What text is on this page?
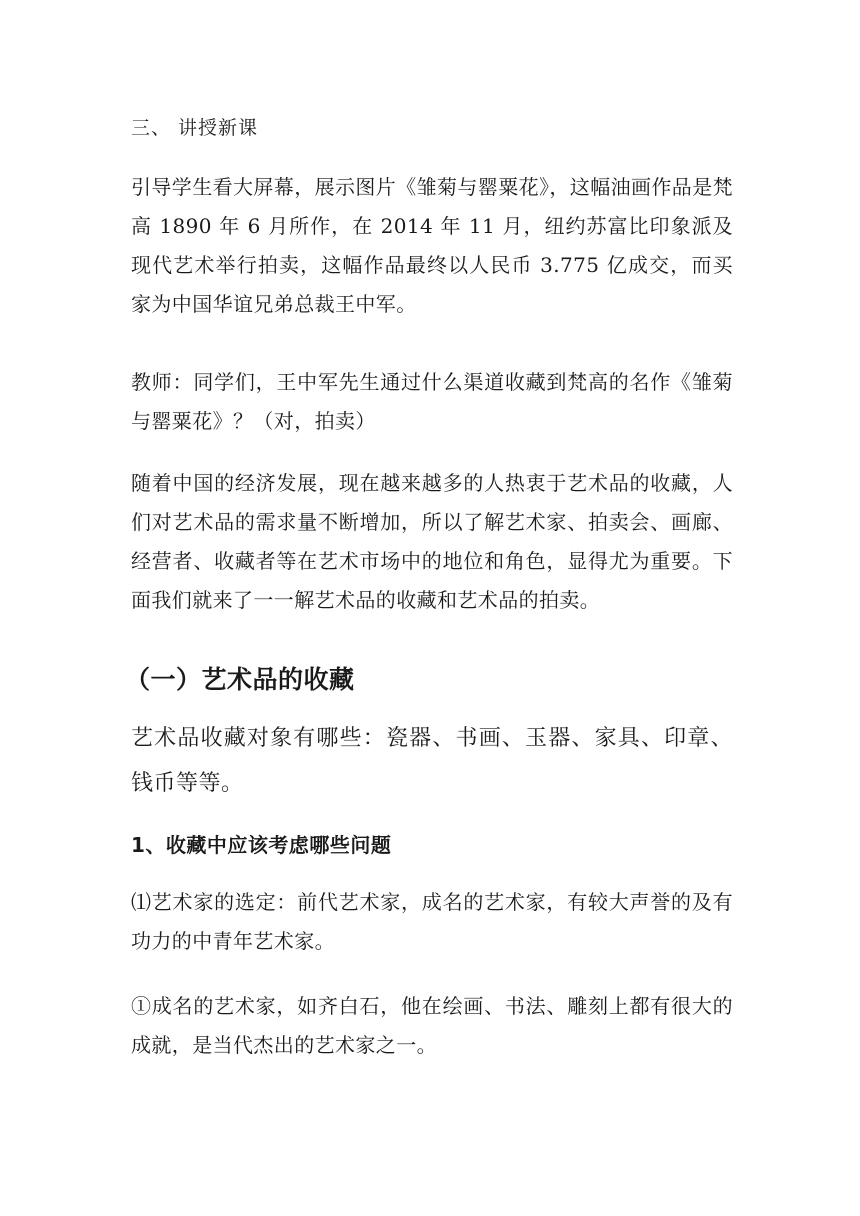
三、 讲授新课

引导学生看大屏幕，展示图片《雏菊与罂粟花》，这幅油画作品是梵高 1890 年 6 月所作，在 2014 年 11 月，纽约苏富比印象派及现代艺术举行拍卖，这幅作品最终以人民币 3.775 亿成交，而买家为中国华谊兄弟总裁王中军。

教师：同学们，王中军先生通过什么渠道收藏到梵高的名作《雏菊与罂粟花》？（对，拍卖）

随着中国的经济发展，现在越来越多的人热衷于艺术品的收藏，人们对艺术品的需求量不断增加，所以了解艺术家、拍卖会、画廊、经营者、收藏者等在艺术市场中的地位和角色，显得尤为重要。下面我们就来了一一解艺术品的收藏和艺术品的拍卖。

（一）艺术品的收藏

艺术品收藏对象有哪些：瓷器、书画、玉器、家具、印章、钱币等等。

1、收藏中应该考虑哪些问题

⑴艺术家的选定：前代艺术家，成名的艺术家，有较大声誉的及有功力的中青年艺术家。

①成名的艺术家，如齐白石，他在绘画、书法、雕刻上都有很大的成就，是当代杰出的艺术家之一。
